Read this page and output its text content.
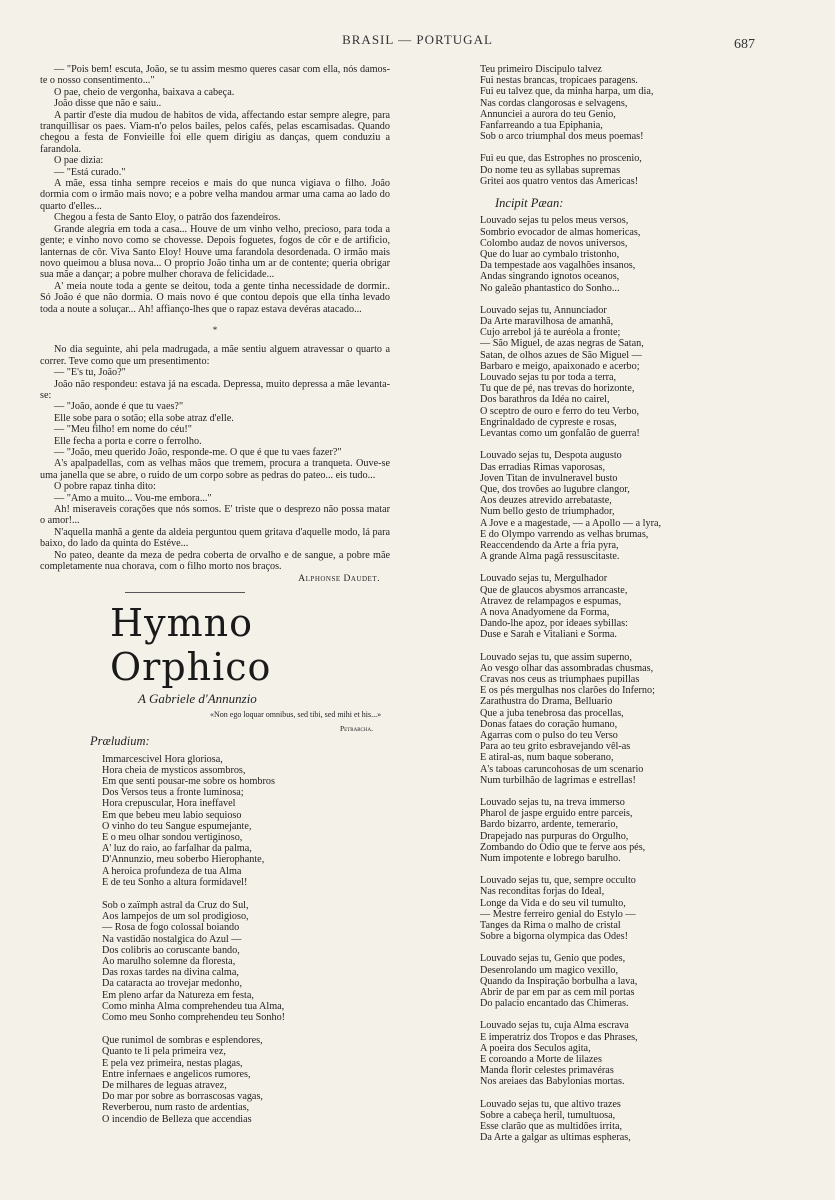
BRASIL — PORTUGAL	687

— "Pois bem! escuta, João, se tu assim mesmo queres casar com ella, nós damos-te o nosso consentimento..."

O pae, cheio de vergonha, baixava a cabeça.

João disse que não e saiu..

A partir d'este dia mudou de habitos de vida, affectando estar sempre alegre, para tranquillisar os paes. Viam-n'o pelos bailes, pelos cafés, pelas escamisadas. Quando chegou a festa de Fonvieille foi elle quem dirigiu as danças, quem conduziu a farandola.

O pae dizia:

— "Está curado."

A mãe, essa tinha sempre receios e mais do que nunca vigiava o filho. João dormia com o irmão mais novo; e a pobre velha mandou armar uma cama ao lado do quarto d'elles...

Chegou a festa de Santo Eloy, o patrão dos fazendeiros.

Grande alegria em toda a casa... Houve de um vinho velho, precioso, para toda a gente; e vinho novo como se chovesse. Depois foguetes, fogos de côr e de artificio, lanternas de côr. Viva Santo Eloy! Houve uma farandola desordenada. O irmão mais novo queimou a blusa nova... O proprio João tinha um ar de contente; queria obrigar sua mãe a dançar; a pobre mulher chorava de felicidade...

A' meia noute toda a gente se deitou, toda a gente tinha necessidade de dormir.. Só João é que não dormia. O mais novo é que contou depois que ella tinha levado toda a noute a soluçar... Ah! affianço-lhes que o rapaz estava devéras atacado...

*

No dia seguinte, ahi pela madrugada, a mãe sentiu alguem atravessar o quarto a correr. Teve como que um presentimento:

— "E's tu, João?"

João não respondeu: estava já na escada. Depressa, muito depressa a mãe levanta-se:

— "João, aonde é que tu vaes?"

Elle sobe para o sotão; ella sobe atraz d'elle.

— "Meu filho! em nome do céu!"

Elle fecha a porta e corre o ferrolho.

— "João, meu querido João, responde-me. O que é que tu vaes fazer?"

A's apalpadellas, com as velhas mãos que tremem, procura a tranqueta. Ouve-se uma janella que se abre, o ruido de um corpo sobre as pedras do pateo... eis tudo...

O pobre rapaz tinha dito:

— "Amo a muito... Vou-me embora..."

Ah! miseraveis corações que nós somos. E' triste que o desprezo não possa matar o amor!...

N'aquella manhã a gente da aldeia perguntou quem gritava d'aquelle modo, lá para baixo, do lado da quinta do Estéve...

No pateo, deante da meza de pedra coberta de orvalho e de sangue, a pobre mãe completamente nua chorava, com o filho morto nos braços.

Alphonse Daudet.
Hymno Orphico
A Gabriele d'Annunzio
«Non ego loquar omnibus, sed tibi, sed mihi et his...»
Petrarcha.
Præludium:
Immarcescivel Hora gloriosa,
Hora cheia de mysticos assombros,
Em que senti pousar-me sobre os hombros
Dos Versos teus a fronte luminosa;
Hora crepuscular, Hora ineffavel
Em que bebeu meu labio sequioso
O vinho do teu Sangue espumejante,
E o meu olhar sondou vertiginoso,
A' luz do raio, ao farfalhar da palma,
D'Annunzio, meu soberbo Hierophante,
A heroica profundeza de tua Alma
E de teu Sonho a altura formidavel!
Sob o zaïmph astral da Cruz do Sul,
Aos lampejos de um sol prodigioso,
— Rosa de fogo colossal boiando
Na vastidão nostalgica do Azul —
Dos colibris ao coruscante bando,
Ao marulho solemne da floresta,
Das roxas tardes na divina calma,
Da cataracta ao trovejar medonho,
Em pleno arfar da Natureza em festa,
Como minha Alma comprehendeu tua Alma,
Como meu Sonho comprehendeu teu Sonho!
Que runimol de sombras e esplendores,
Quanto te li pela primeira vez,
E pela vez primeira, nestas plagas,
Entre infernaes e angelicos rumores,
De milhares de leguas atravez,
Do mar por sobre as borrascosas vagas,
Reverberou, num rasto de ardentias,
O incendio de Belleza que accendias
Teu primeiro Discipulo talvez
Fui nestas brancas, tropicaes paragens.
Fui eu talvez que, da minha harpa, um dia,
Nas cordas clangorosas e selvagens,
Annunciei a aurora do teu Genio,
Fanfarreando a tua Epiphania,
Sob o arco triumphal dos meus poemas!
Fui eu que, das Estrophes no proscenio,
Do nome teu as syllabas supremas
Gritei aos quatro ventos das Americas!
Incipit Pæan:
Louvado sejas tu pelos meus versos,
Sombrio evocador de almas homericas,
Colombo audaz de novos universos,
Que do luar ao cymbalo tristonho,
Da tempestade aos vagalhões insanos,
Andas singrando ignotos oceanos,
No galeão phantastico do Sonho...
Louvado sejas tu, Annunciador
Da Arte maravilhosa de amanhã,
Cujo arrebol já te auréola a fronte;
— São Miguel, de azas negras de Satan,
Satan, de olhos azues de São Miguel —
Barbaro e meigo, apaixonado e acerbo;
Louvado sejas tu por toda a terra,
Tu que de pé, nas trevas do horizonte,
Dos barathros da Idéa no cairel,
O sceptro de ouro e ferro do teu Verbo,
Engrinaldado de cypreste e rosas,
Levantas como um gonfalão de guerra!
Louvado sejas tu, Despota augusto
Das erradias Rimas vaporosas,
Joven Titan de invulneravel busto
Que, dos trovões ao lugubre clangor,
Aos deuzes atrevido arrebataste,
Num bello gesto de triumphador,
A Jove e a magestade, — a Apollo — a lyra,
E do Olympo varrendo as velhas brumas,
Reaccendendo da Arte a fria pyra,
A grande Alma pagã ressuscitaste.
Louvado sejas tu, Mergulhador
Que de glaucos abysmos arrancaste,
Atravez de relampagos e espumas,
A nova Anadyomene da Forma,
Dando-lhe apoz, por ideaes sybillas:
Duse e Sarah e Vitaliani e Sorma.
Louvado sejas tu, que assim superno,
Ao vesgo olhar das assombradas chusmas,
Cravas nos ceus as triumphaes pupillas
E os pés mergulhas nos clarões do Inferno;
Zarathustra do Drama, Belluario
Que a juba tenebrosa das procellas,
Donas fataes do coração humano,
Agarras com o pulso do teu Verso
Para ao teu grito esbravejando vêl-as
E atiral-as, num baque soberano,
A's taboas caruncohosas de um scenario
Num turbilhão de lagrimas e estrellas!
Louvado sejas tu, na treva immerso
Pharol de jaspe erguido entre parceis,
Bardo bizarro, ardente, temerario,
Drapejado nas purpuras do Orgulho,
Zombando do Odio que te ferve aos pés,
Num impotente e lobrego barulho.
Louvado sejas tu, que, sempre occulto
Nas reconditas forjas do Ideal,
Longe da Vida e do seu vil tumulto,
— Mestre ferreiro genial do Estylo —
Tanges da Rima o malho de cristal
Sobre a bigorna olympica das Odes!
Louvado sejas tu, Genio que podes,
Desenrolando um magico vexillo,
Quando da Inspiração borbulha a lava,
Abrir de par em par as cem mil portas
Do palacio encantado das Chimeras.
Louvado sejas tu, cuja Alma escrava
E imperatriz dos Tropos e das Phrases,
A poeira dos Seculos agita,
E coroando a Morte de lilazes
Manda florir celestes primavéras
Nos areiaes das Babylonias mortas.
Louvado sejas tu, que altivo trazes
Sobre a cabeça heril, tumultuosa,
Esse clarão que as multidões irrita,
Da Arte a galgar as ultimas espheras,
